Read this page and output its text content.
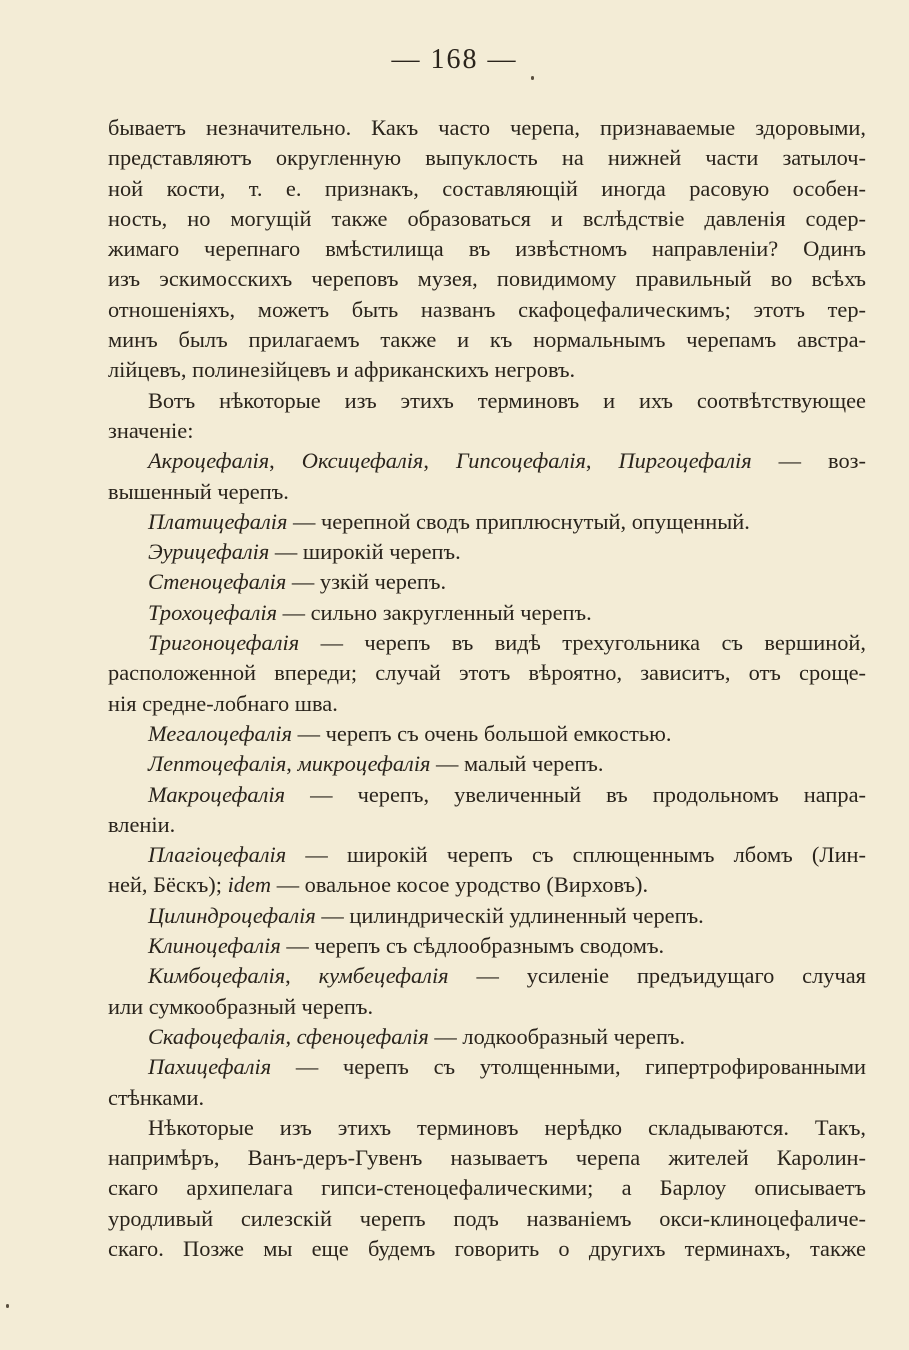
— 168 —
бываетъ незначительно. Какъ часто черепа, признаваемые здоровыми,
представляютъ округленную выпуклость на нижней части затылоч-
ной кости, т. е. признакъ, составляющій иногда расовую особен-
ность, но могущій также образоваться и вслѣдствіе давленія содер-
жимаго черепнаго вмѣстилища въ извѣстномъ направленіи? Одинъ
изъ эскимосскихъ череповъ музея, повидимому правильный во всѣхъ
отношеніяхъ, можетъ быть названъ скафоцефалическимъ; этотъ тер-
минъ былъ прилагаемъ также и къ нормальнымъ черепамъ австра-
лійцевъ, полинезійцевъ и африканскихъ негровъ.
Вотъ нѣкоторые изъ этихъ терминовъ и ихъ соотвѣтствующее
значеніе:
Акроцефалія, Оксицефалія, Гипсоцефалія, Пиргоцефалія — воз-
вышенный черепъ.
Платицефалія — черепной сводъ приплюснутый, опущенный.
Эурицефалія — широкій черепъ.
Стеноцефалія — узкій черепъ.
Трохоцефалія — сильно закругленный черепъ.
Тригоноцефалія — черепъ въ видѣ трехугольника съ вершиной,
расположенной впереди; случай этотъ вѣроятно, зависитъ, отъ сроще-
нія средне-лобнаго шва.
Мегалоцефалія — черепъ съ очень большой емкостью.
Лептоцефалія, микроцефалія — малый черепъ.
Макроцефалія — черепъ, увеличенный въ продольномъ напра-
вленіи.
Плагіоцефалія — широкій черепъ съ сплющеннымъ лбомъ (Лин-
ней, Бёскъ); idem — овальное косое уродство (Вирховъ).
Цилиндроцефалія — цилиндрическій удлиненный черепъ.
Клиноцефалія — черепъ съ сѣдлообразнымъ сводомъ.
Кимбоцефалія, кумбецефалія — усиленіе предъидущаго случая
или сумкообразный черепъ.
Скафоцефалія, сфеноцефалія — лодкообразный черепъ.
Пахицефалія — черепъ съ утолщенными, гипертрофированными
стѣнками.
Нѣкоторые изъ этихъ терминовъ нерѣдко складываются. Такъ,
напримѣръ, Ванъ-деръ-Гувенъ называетъ черепа жителей Каролин-
скаго архипелага гипси-стеноцефалическими; а Барлоу описываетъ
уродливый силезскій черепъ подъ названіемъ окси-клиноцефаличе-
скаго. Позже мы еще будемъ говорить о другихъ терминахъ, также
